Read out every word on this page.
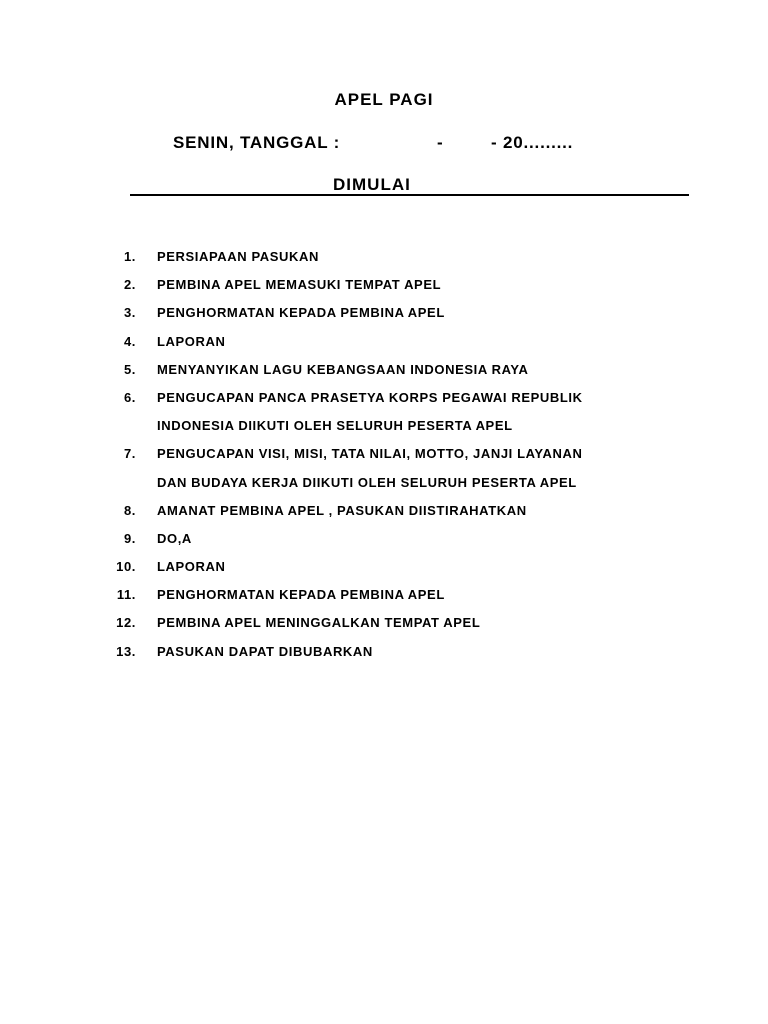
APEL PAGI

SENIN, TANGGAL :

	-

	- 20.........

DIMULAI
1. PERSIAPAAN PASUKAN
2. PEMBINA APEL MEMASUKI TEMPAT APEL
3. PENGHORMATAN KEPADA PEMBINA APEL
4. LAPORAN
5. MENYANYIKAN LAGU KEBANGSAAN INDONESIA RAYA
6. PENGUCAPAN PANCA PRASETYA KORPS PEGAWAI REPUBLIK
INDONESIA DIIKUTI OLEH SELURUH PESERTA APEL
7. PENGUCAPAN VISI, MISI, TATA NILAI, MOTTO, JANJI LAYANAN
DAN BUDAYA KERJA DIIKUTI OLEH SELURUH PESERTA APEL
8. AMANAT PEMBINA APEL , PASUKAN DIISTIRAHATKAN
9. DO,A
10. LAPORAN
11. PENGHORMATAN KEPADA PEMBINA APEL
12. PEMBINA APEL MENINGGALKAN TEMPAT APEL
13. PASUKAN DAPAT DIBUBARKAN
